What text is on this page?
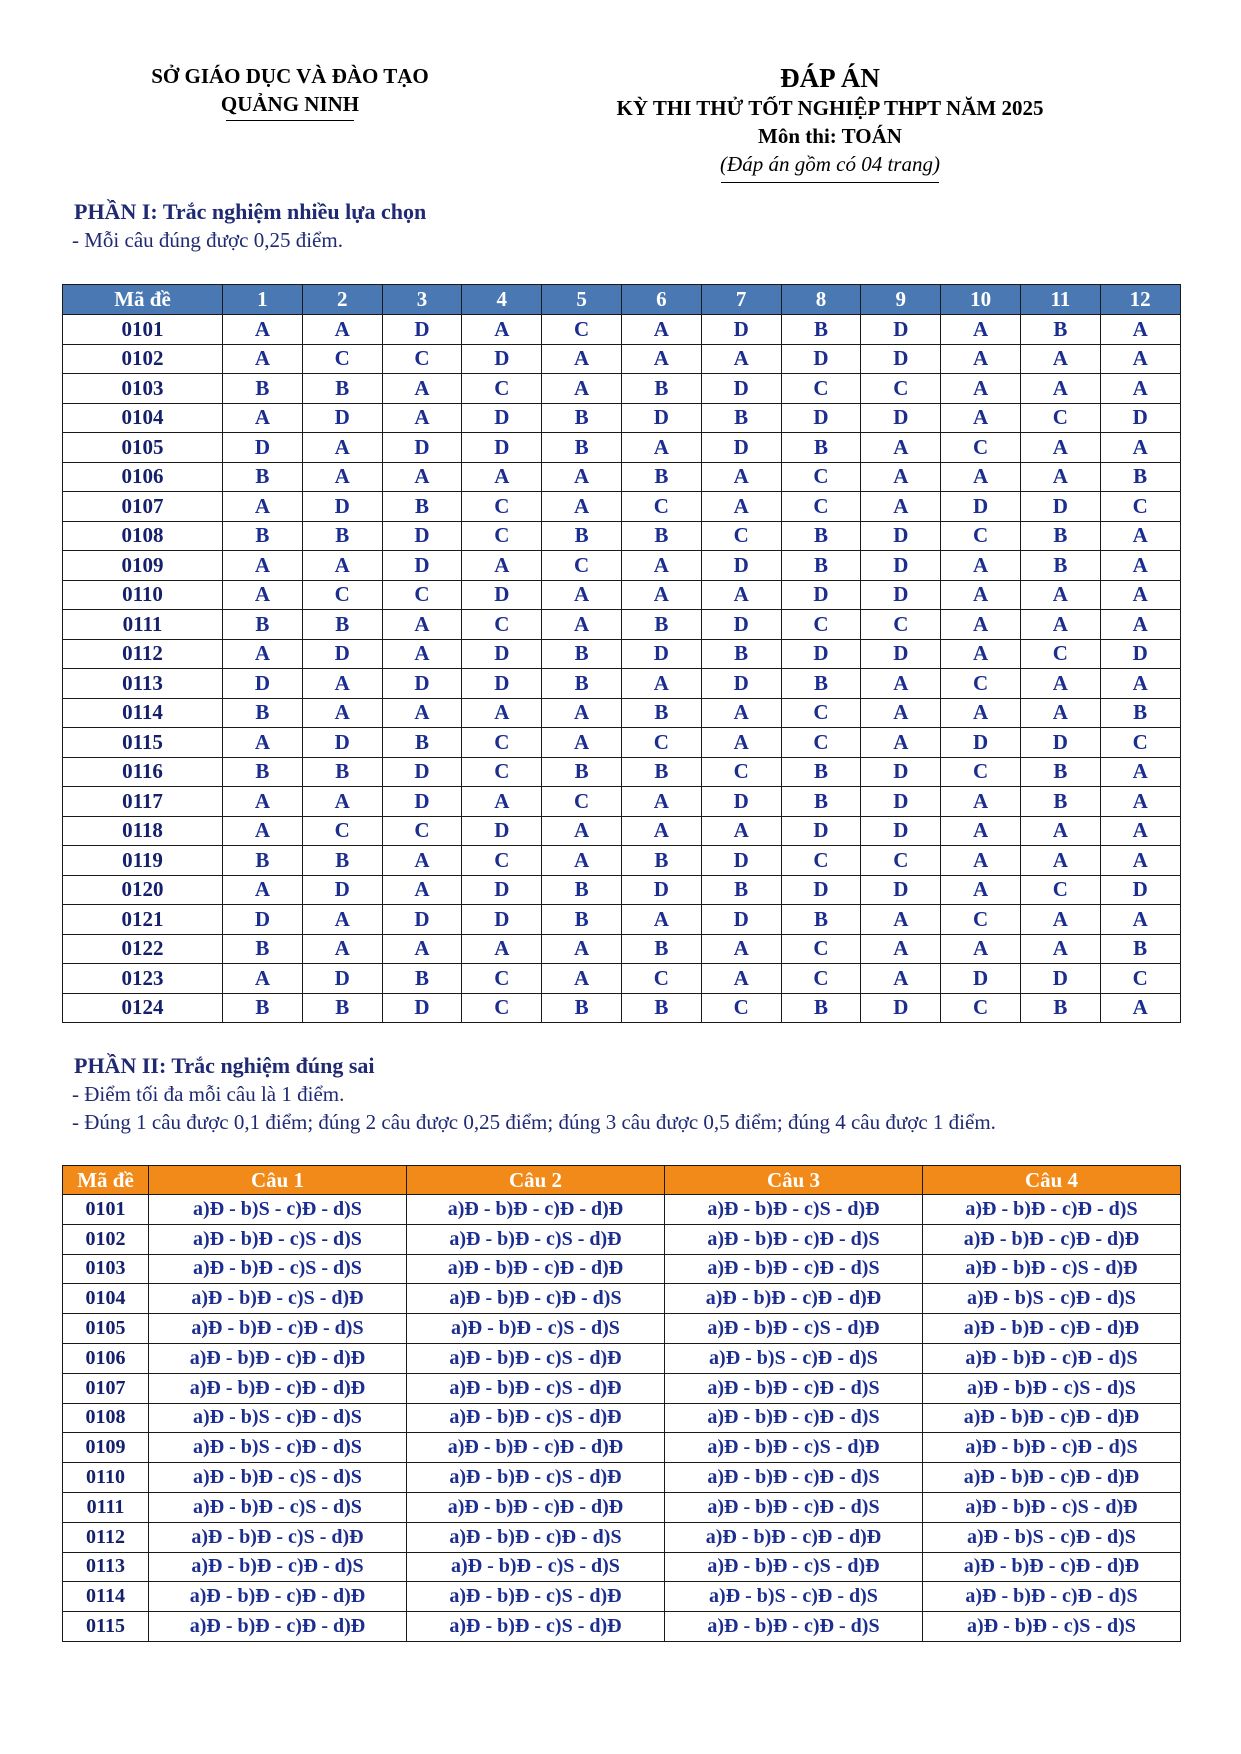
SỞ GIÁO DỤC VÀ ĐÀO TẠO
QUẢNG NINH
ĐÁP ÁN
KỲ THI THỬ TỐT NGHIỆP THPT NĂM 2025
Môn thi: TOÁN
(Đáp án gồm có 04 trang)
PHẦN I: Trắc nghiệm nhiều lựa chọn
- Mỗi câu đúng được 0,25 điểm.
Mã đề	1	2	3	4	5	6	7	8	9	10	11	12
0101	A	A	D	A	C	A	D	B	D	A	B	A
0102	A	C	C	D	A	A	A	D	D	A	A	A
0103	B	B	A	C	A	B	D	C	C	A	A	A
0104	A	D	A	D	B	D	B	D	D	A	C	D
0105	D	A	D	D	B	A	D	B	A	C	A	A
0106	B	A	A	A	A	B	A	C	A	A	A	B
0107	A	D	B	C	A	C	A	C	A	D	D	C
0108	B	B	D	C	B	B	C	B	D	C	B	A
0109	A	A	D	A	C	A	D	B	D	A	B	A
0110	A	C	C	D	A	A	A	D	D	A	A	A
0111	B	B	A	C	A	B	D	C	C	A	A	A
0112	A	D	A	D	B	D	B	D	D	A	C	D
0113	D	A	D	D	B	A	D	B	A	C	A	A
0114	B	A	A	A	A	B	A	C	A	A	A	B
0115	A	D	B	C	A	C	A	C	A	D	D	C
0116	B	B	D	C	B	B	C	B	D	C	B	A
0117	A	A	D	A	C	A	D	B	D	A	B	A
0118	A	C	C	D	A	A	A	D	D	A	A	A
0119	B	B	A	C	A	B	D	C	C	A	A	A
0120	A	D	A	D	B	D	B	D	D	A	C	D
0121	D	A	D	D	B	A	D	B	A	C	A	A
0122	B	A	A	A	A	B	A	C	A	A	A	B
0123	A	D	B	C	A	C	A	C	A	D	D	C
0124	B	B	D	C	B	B	C	B	D	C	B	A
PHẦN II: Trắc nghiệm đúng sai
- Điểm tối đa mỗi câu là 1 điểm.
- Đúng 1 câu được 0,1 điểm; đúng 2 câu được 0,25 điểm; đúng 3 câu được 0,5 điểm; đúng 4 câu được 1 điểm.
Mã đề	Câu 1	Câu 2	Câu 3	Câu 4
0101	a)Đ - b)S - c)Đ - d)S	a)Đ - b)Đ - c)Đ - d)Đ	a)Đ - b)Đ - c)S - d)Đ	a)Đ - b)Đ - c)Đ - d)S
0102	a)Đ - b)Đ - c)S - d)S	a)Đ - b)Đ - c)S - d)Đ	a)Đ - b)Đ - c)Đ - d)S	a)Đ - b)Đ - c)Đ - d)Đ
0103	a)Đ - b)Đ - c)S - d)S	a)Đ - b)Đ - c)Đ - d)Đ	a)Đ - b)Đ - c)Đ - d)S	a)Đ - b)Đ - c)S - d)Đ
0104	a)Đ - b)Đ - c)S - d)Đ	a)Đ - b)Đ - c)Đ - d)S	a)Đ - b)Đ - c)Đ - d)Đ	a)Đ - b)S - c)Đ - d)S
0105	a)Đ - b)Đ - c)Đ - d)S	a)Đ - b)Đ - c)S - d)S	a)Đ - b)Đ - c)S - d)Đ	a)Đ - b)Đ - c)Đ - d)Đ
0106	a)Đ - b)Đ - c)Đ - d)Đ	a)Đ - b)Đ - c)S - d)Đ	a)Đ - b)S - c)Đ - d)S	a)Đ - b)Đ - c)Đ - d)S
0107	a)Đ - b)Đ - c)Đ - d)Đ	a)Đ - b)Đ - c)S - d)Đ	a)Đ - b)Đ - c)Đ - d)S	a)Đ - b)Đ - c)S - d)S
0108	a)Đ - b)S - c)Đ - d)S	a)Đ - b)Đ - c)S - d)Đ	a)Đ - b)Đ - c)Đ - d)S	a)Đ - b)Đ - c)Đ - d)Đ
0109	a)Đ - b)S - c)Đ - d)S	a)Đ - b)Đ - c)Đ - d)Đ	a)Đ - b)Đ - c)S - d)Đ	a)Đ - b)Đ - c)Đ - d)S
0110	a)Đ - b)Đ - c)S - d)S	a)Đ - b)Đ - c)S - d)Đ	a)Đ - b)Đ - c)Đ - d)S	a)Đ - b)Đ - c)Đ - d)Đ
0111	a)Đ - b)Đ - c)S - d)S	a)Đ - b)Đ - c)Đ - d)Đ	a)Đ - b)Đ - c)Đ - d)S	a)Đ - b)Đ - c)S - d)Đ
0112	a)Đ - b)Đ - c)S - d)Đ	a)Đ - b)Đ - c)Đ - d)S	a)Đ - b)Đ - c)Đ - d)Đ	a)Đ - b)S - c)Đ - d)S
0113	a)Đ - b)Đ - c)Đ - d)S	a)Đ - b)Đ - c)S - d)S	a)Đ - b)Đ - c)S - d)Đ	a)Đ - b)Đ - c)Đ - d)Đ
0114	a)Đ - b)Đ - c)Đ - d)Đ	a)Đ - b)Đ - c)S - d)Đ	a)Đ - b)S - c)Đ - d)S	a)Đ - b)Đ - c)Đ - d)S
0115	a)Đ - b)Đ - c)Đ - d)Đ	a)Đ - b)Đ - c)S - d)Đ	a)Đ - b)Đ - c)Đ - d)S	a)Đ - b)Đ - c)S - d)S
